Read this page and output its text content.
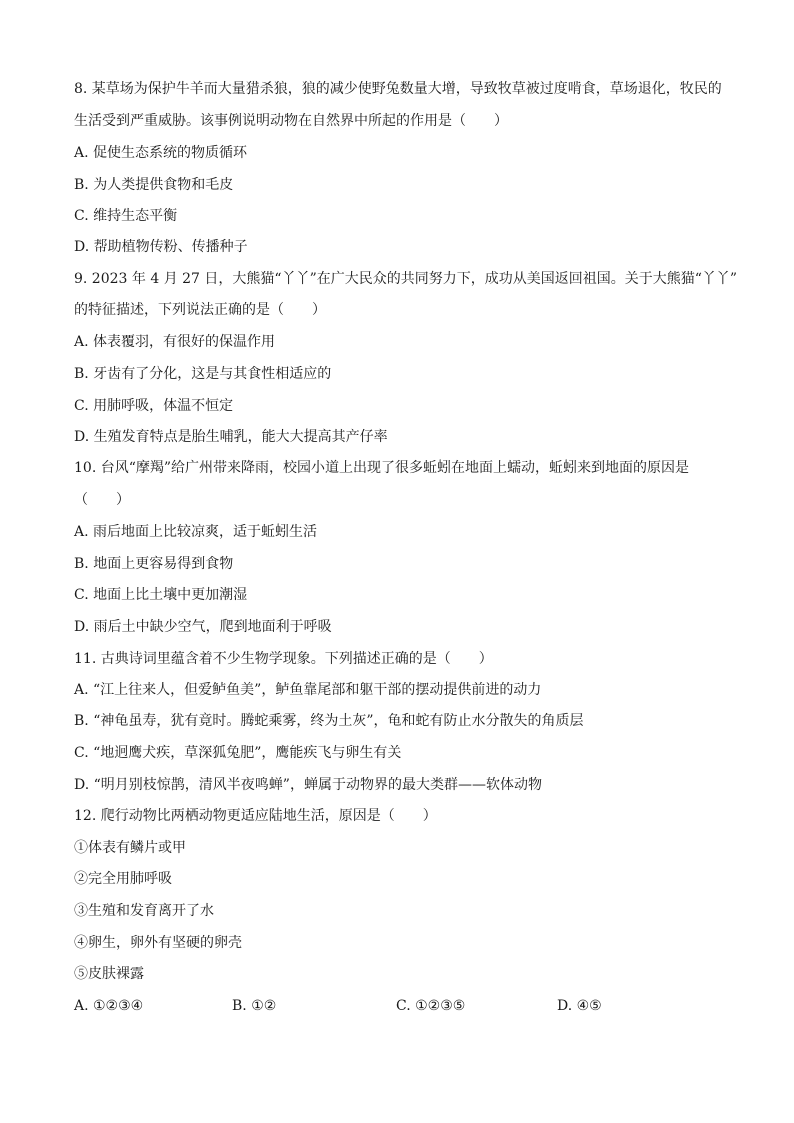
8. 某草场为保护牛羊而大量猎杀狼，狼的减少使野兔数量大增，导致牧草被过度啃食，草场退化，牧民的
生活受到严重威胁。该事例说明动物在自然界中所起的作用是（　　）
A. 促使生态系统的物质循环
B. 为人类提供食物和毛皮
C. 维持生态平衡
D. 帮助植物传粉、传播种子
9. 2023 年 4 月 27 日，大熊猫“丫丫”在广大民众的共同努力下，成功从美国返回祖国。关于大熊猫“丫丫”
的特征描述，下列说法正确的是（　　）
A. 体表覆羽，有很好的保温作用
B. 牙齿有了分化，这是与其食性相适应的
C. 用肺呼吸，体温不恒定
D. 生殖发育特点是胎生哺乳，能大大提高其产仔率
10. 台风“摩羯”给广州带来降雨，校园小道上出现了很多蚯蚓在地面上蠕动，蚯蚓来到地面的原因是
（　　）
A. 雨后地面上比较凉爽，适于蚯蚓生活
B. 地面上更容易得到食物
C. 地面上比土壤中更加潮湿
D. 雨后土中缺少空气，爬到地面利于呼吸
11. 古典诗词里蕴含着不少生物学现象。下列描述正确的是（　　）
A. “江上往来人，但爱鲈鱼美”，鲈鱼靠尾部和躯干部的摆动提供前进的动力
B. “神龟虽寿，犹有竟时。腾蛇乘雾，终为土灰”，龟和蛇有防止水分散失的角质层
C. “地迥鹰犬疾，草深狐兔肥”，鹰能疾飞与卵生有关
D. “明月别枝惊鹊，清风半夜鸣蝉”，蝉属于动物界的最大类群——软体动物
12. 爬行动物比两栖动物更适应陆地生活，原因是（　　）
①体表有鳞片或甲
②完全用肺呼吸
③生殖和发育离开了水
④卵生，卵外有坚硬的卵壳
⑤皮肤裸露
A. ①②③④	B. ①②	C. ①②③⑤	D. ④⑤
